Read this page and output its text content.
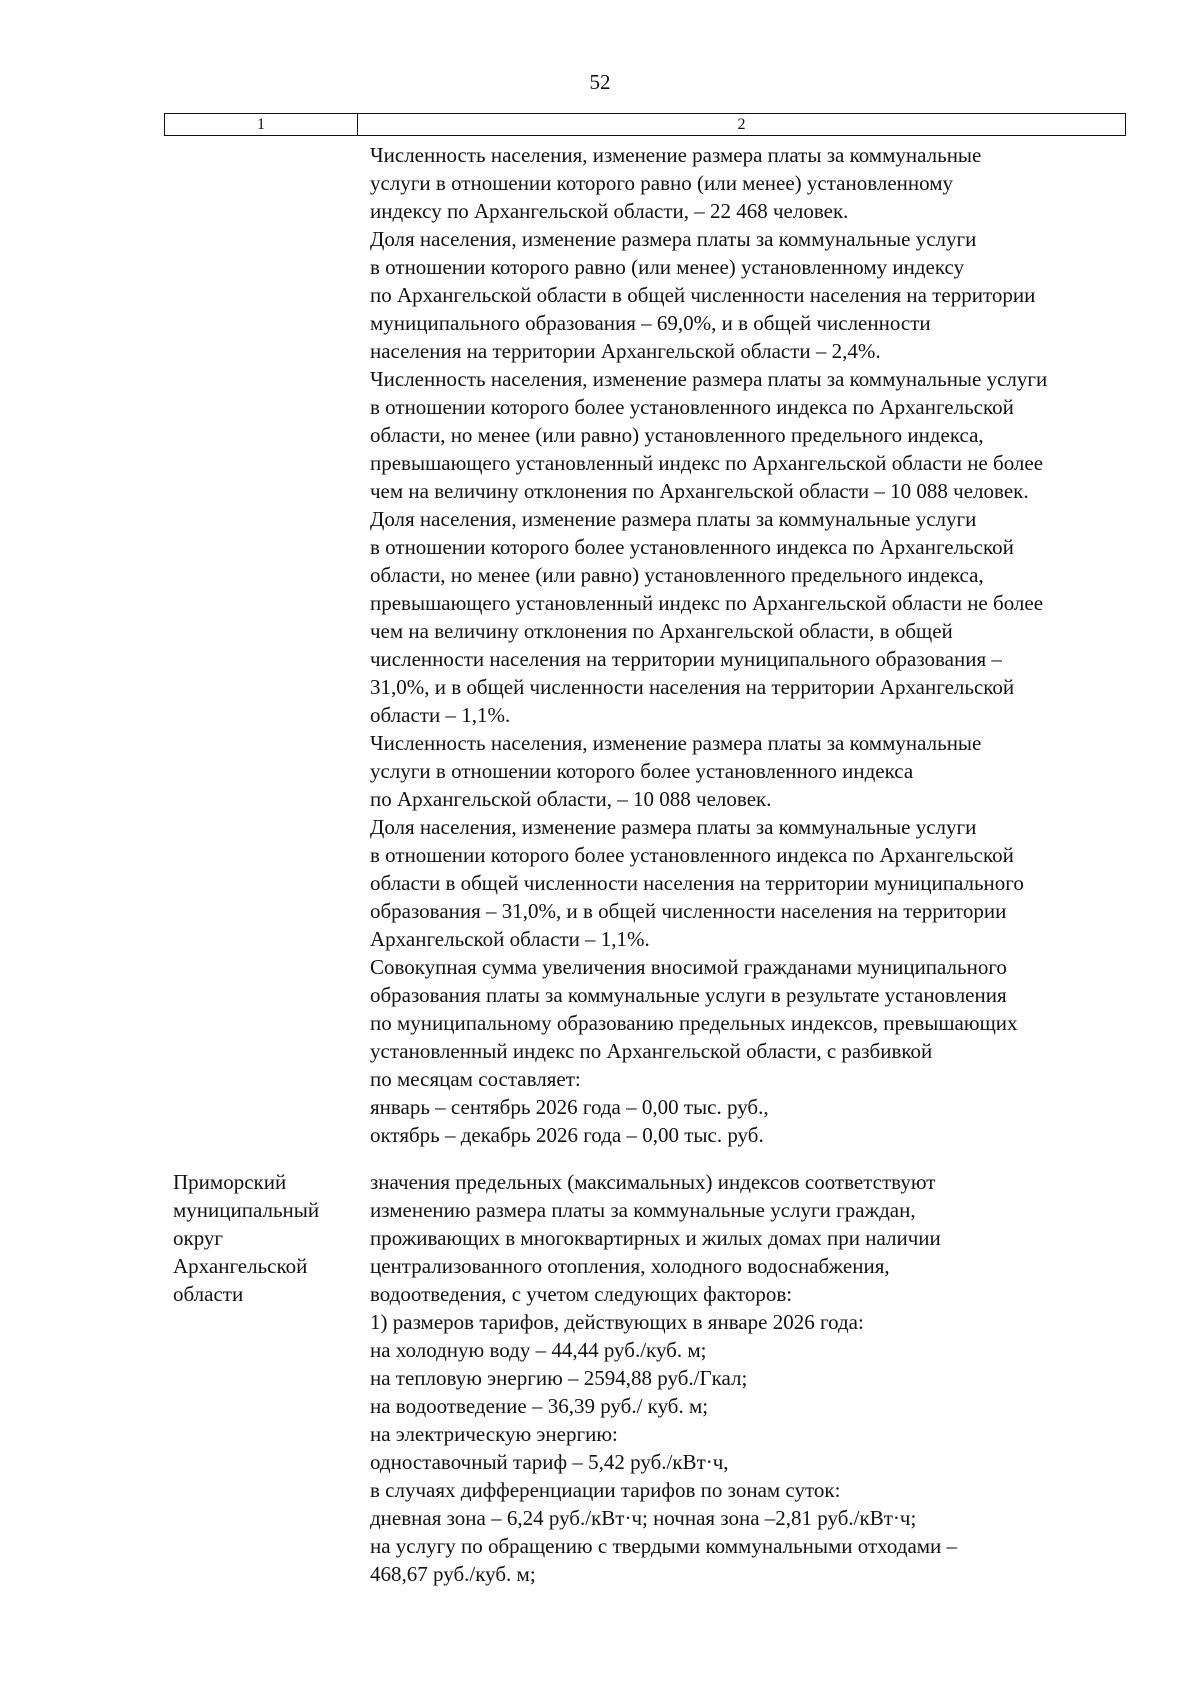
52
1	2
Численность населения, изменение размера платы за коммунальные
услуги в отношении которого равно (или менее) установленному
индексу по Архангельской области, – 22 468 человек.
Доля населения, изменение размера платы за коммунальные услуги
в отношении которого равно (или менее) установленному индексу
по Архангельской области в общей численности населения на территории
муниципального образования – 69,0%, и в общей численности
населения на территории Архангельской области – 2,4%.
Численность населения, изменение размера платы за коммунальные услуги
в отношении которого более установленного индекса по Архангельской
области, но менее (или равно) установленного предельного индекса,
превышающего установленный индекс по Архангельской области не более
чем на величину отклонения по Архангельской области – 10 088 человек.
Доля населения, изменение размера платы за коммунальные услуги
в отношении которого более установленного индекса по Архангельской
области, но менее (или равно) установленного предельного индекса,
превышающего установленный индекс по Архангельской области не более
чем на величину отклонения по Архангельской области, в общей
численности населения на территории муниципального образования –
31,0%, и в общей численности населения на территории Архангельской
области – 1,1%.
Численность населения, изменение размера платы за коммунальные
услуги в отношении которого более установленного индекса
по Архангельской области, – 10 088 человек.
Доля населения, изменение размера платы за коммунальные услуги
в отношении которого более установленного индекса по Архангельской
области в общей численности населения на территории муниципального
образования – 31,0%, и в общей численности населения на территории
Архангельской области – 1,1%.
Совокупная сумма увеличения вносимой гражданами муниципального
образования платы за коммунальные услуги в результате установления
по муниципальному образованию предельных индексов, превышающих
установленный индекс по Архангельской области, с разбивкой
по месяцам составляет:
январь – сентябрь 2026 года – 0,00 тыс. руб.,
октябрь – декабрь 2026 года – 0,00 тыс. руб.
Приморский
муниципальный
округ
Архангельской
области
значения предельных (максимальных) индексов соответствуют
изменению размера платы за коммунальные услуги граждан,
проживающих в многоквартирных и жилых домах при наличии
централизованного отопления, холодного водоснабжения,
водоотведения, с учетом следующих факторов:
1) размеров тарифов, действующих в январе 2026 года:
на холодную воду – 44,44 руб./куб. м;
на тепловую энергию – 2594,88 руб./Гкал;
на водоотведение – 36,39 руб./ куб. м;
на электрическую энергию:
одноставочный тариф – 5,42 руб./кВт·ч,
в случаях дифференциации тарифов по зонам суток:
дневная зона – 6,24 руб./кВт·ч; ночная зона –2,81 руб./кВт·ч;
на услугу по обращению с твердыми коммунальными отходами –
468,67 руб./куб. м;
